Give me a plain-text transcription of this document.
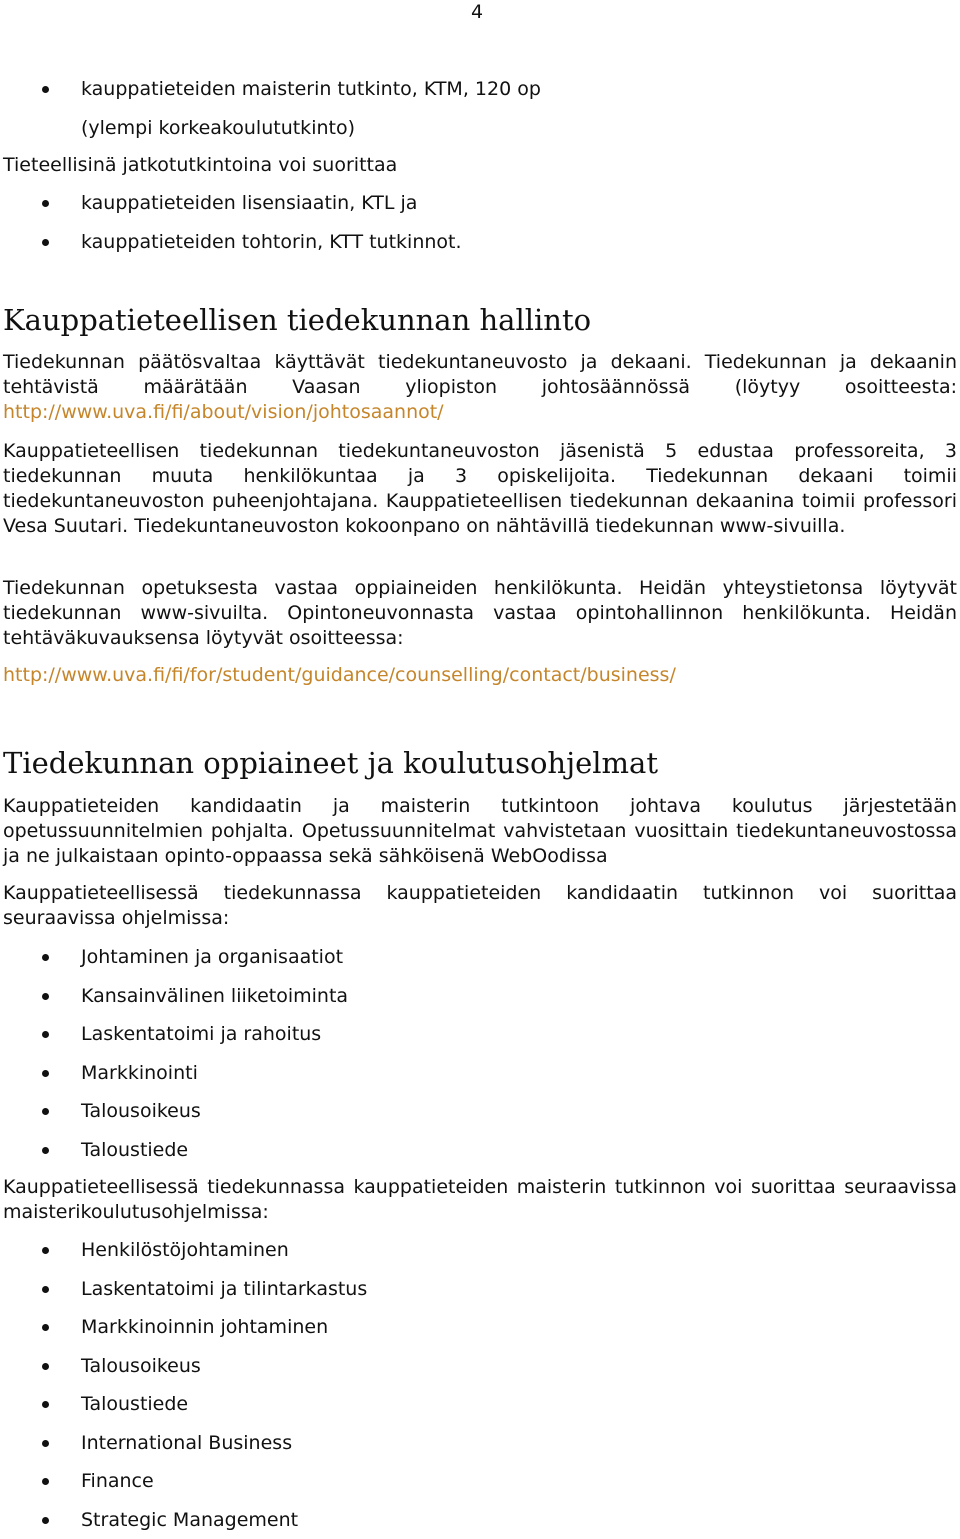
4
kauppatieteiden maisterin tutkinto, KTM, 120 op
(ylempi korkeakoulututkinto)
Tieteellisinä jatkotutkintoina voi suorittaa
kauppatieteiden lisensiaatin, KTL ja
kauppatieteiden tohtorin, KTT tutkinnot.
Kauppatieteellisen tiedekunnan hallinto

Tiedekunnan päätösvaltaa käyttävät tiedekuntaneuvosto ja dekaani. Tiedekunnan ja dekaanin tehtävistä määrätään Vaasan yliopiston johtosäännössä (löytyy osoitteesta: http://www.uva.fi/fi/about/vision/johtosaannot/

Kauppatieteellisen tiedekunnan tiedekuntaneuvoston jäsenistä 5 edustaa professoreita, 3 tiedekunnan muuta henkilökuntaa ja 3 opiskelijoita. Tiedekunnan dekaani toimii tiedekuntaneuvoston puheenjohtajana. Kauppatieteellisen tiedekunnan dekaanina toimii professori Vesa Suutari. Tiedekuntaneuvoston kokoonpano on nähtävillä tiedekunnan www-sivuilla.

Tiedekunnan opetuksesta vastaa oppiaineiden henkilökunta. Heidän yhteystietonsa löytyvät tiedekunnan www-sivuilta. Opintoneuvonnasta vastaa opintohallinnon henkilökunta. Heidän tehtäväkuvauksensa löytyvät osoitteessa:

http://www.uva.fi/fi/for/student/guidance/counselling/contact/business/

Tiedekunnan oppiaineet ja koulutusohjelmat

Kauppatieteiden kandidaatin ja maisterin tutkintoon johtava koulutus järjestetään opetussuunnitelmien pohjalta. Opetussuunnitelmat vahvistetaan vuosittain tiedekuntaneuvostossa ja ne julkaistaan opinto-oppaassa sekä sähköisenä WebOodissa

Kauppatieteellisessä tiedekunnassa kauppatieteiden kandidaatin tutkinnon voi suorittaa seuraavissa ohjelmissa:

Johtaminen ja organisaatiot
Kansainvälinen liiketoiminta
Laskentatoimi ja rahoitus
Markkinointi
Talousoikeus
Taloustiede

Kauppatieteellisessä tiedekunnassa kauppatieteiden maisterin tutkinnon voi suorittaa seuraavissa maisterikoulutusohjelmissa:

Henkilöstöjohtaminen
Laskentatoimi ja tilintarkastus
Markkinoinnin johtaminen
Talousoikeus
Taloustiede
International Business
Finance
Strategic Management
